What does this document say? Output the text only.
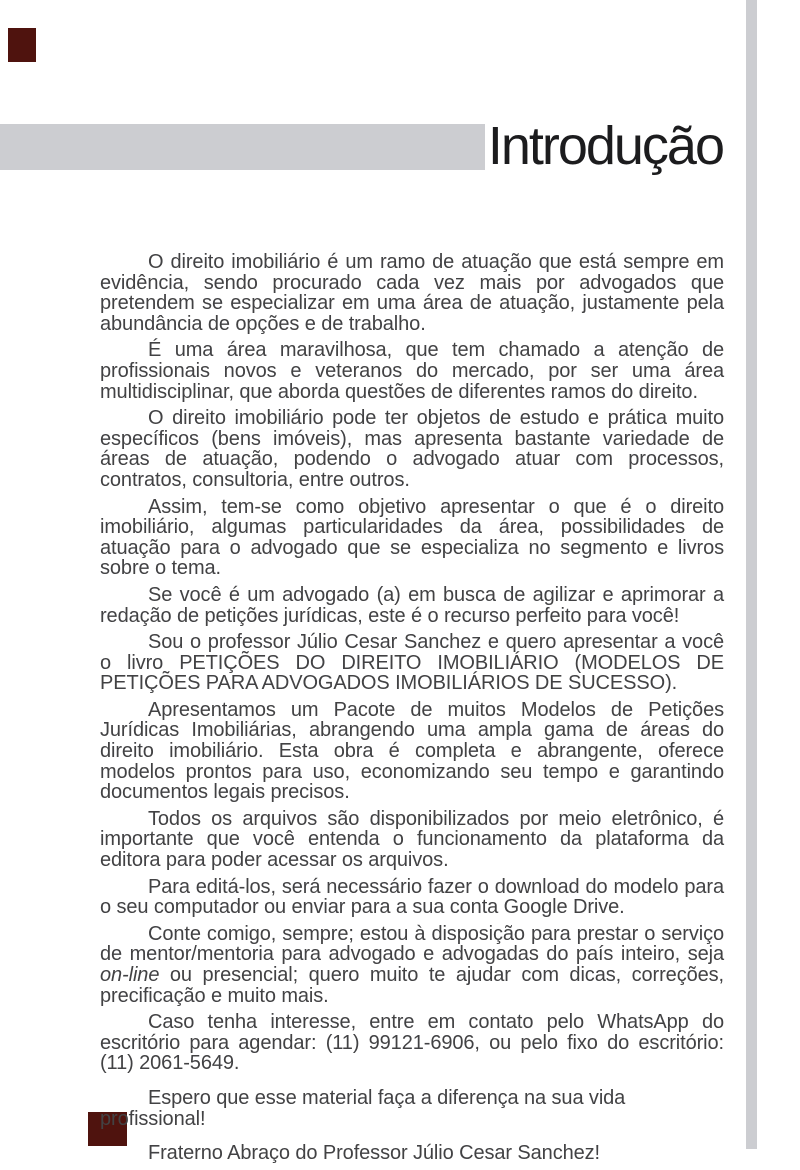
Introdução

O direito imobiliário é um ramo de atuação que está sempre em evidência, sendo procurado cada vez mais por advogados que pretendem se especializar em uma área de atuação, justamente pela abundância de opções e de trabalho.

É uma área maravilhosa, que tem chamado a atenção de profissionais novos e veteranos do mercado, por ser uma área multidisciplinar, que aborda questões de diferentes ramos do direito.

O direito imobiliário pode ter objetos de estudo e prática muito específicos (bens imóveis), mas apresenta bastante variedade de áreas de atuação, podendo o advogado atuar com processos, contratos, consultoria, entre outros.

Assim, tem-se como objetivo apresentar o que é o direito imobiliário, algumas particularidades da área, possibilidades de atuação para o advogado que se especializa no segmento e livros sobre o tema.

Se você é um advogado (a) em busca de agilizar e aprimorar a redação de petições jurídicas, este é o recurso perfeito para você!

Sou o professor Júlio Cesar Sanchez e quero apresentar a você o livro PETIÇÕES DO DIREITO IMOBILIÁRIO (MODELOS DE PETIÇÕES PARA ADVOGADOS IMOBILIÁRIOS DE SUCESSO).

Apresentamos um Pacote de muitos Modelos de Petições Jurídicas Imobiliárias, abrangendo uma ampla gama de áreas do direito imobiliário. Esta obra é completa e abrangente, oferece modelos prontos para uso, economizando seu tempo e garantindo documentos legais precisos.

Todos os arquivos são disponibilizados por meio eletrônico, é importante que você entenda o funcionamento da plataforma da editora para poder acessar os arquivos.

Para editá-los, será necessário fazer o download do modelo para o seu computador ou enviar para a sua conta Google Drive.

Conte comigo, sempre; estou à disposição para prestar o serviço de mentor/mentoria para advogado e advogadas do país inteiro, seja on-line ou presencial; quero muito te ajudar com dicas, correções, precificação e muito mais.

Caso tenha interesse, entre em contato pelo WhatsApp do escritório para agendar: (11) 99121-6906, ou pelo fixo do escritório: (11) 2061-5649.

Espero que esse material faça a diferença na sua vida profissional!

Fraterno Abraço do Professor Júlio Cesar Sanchez!
